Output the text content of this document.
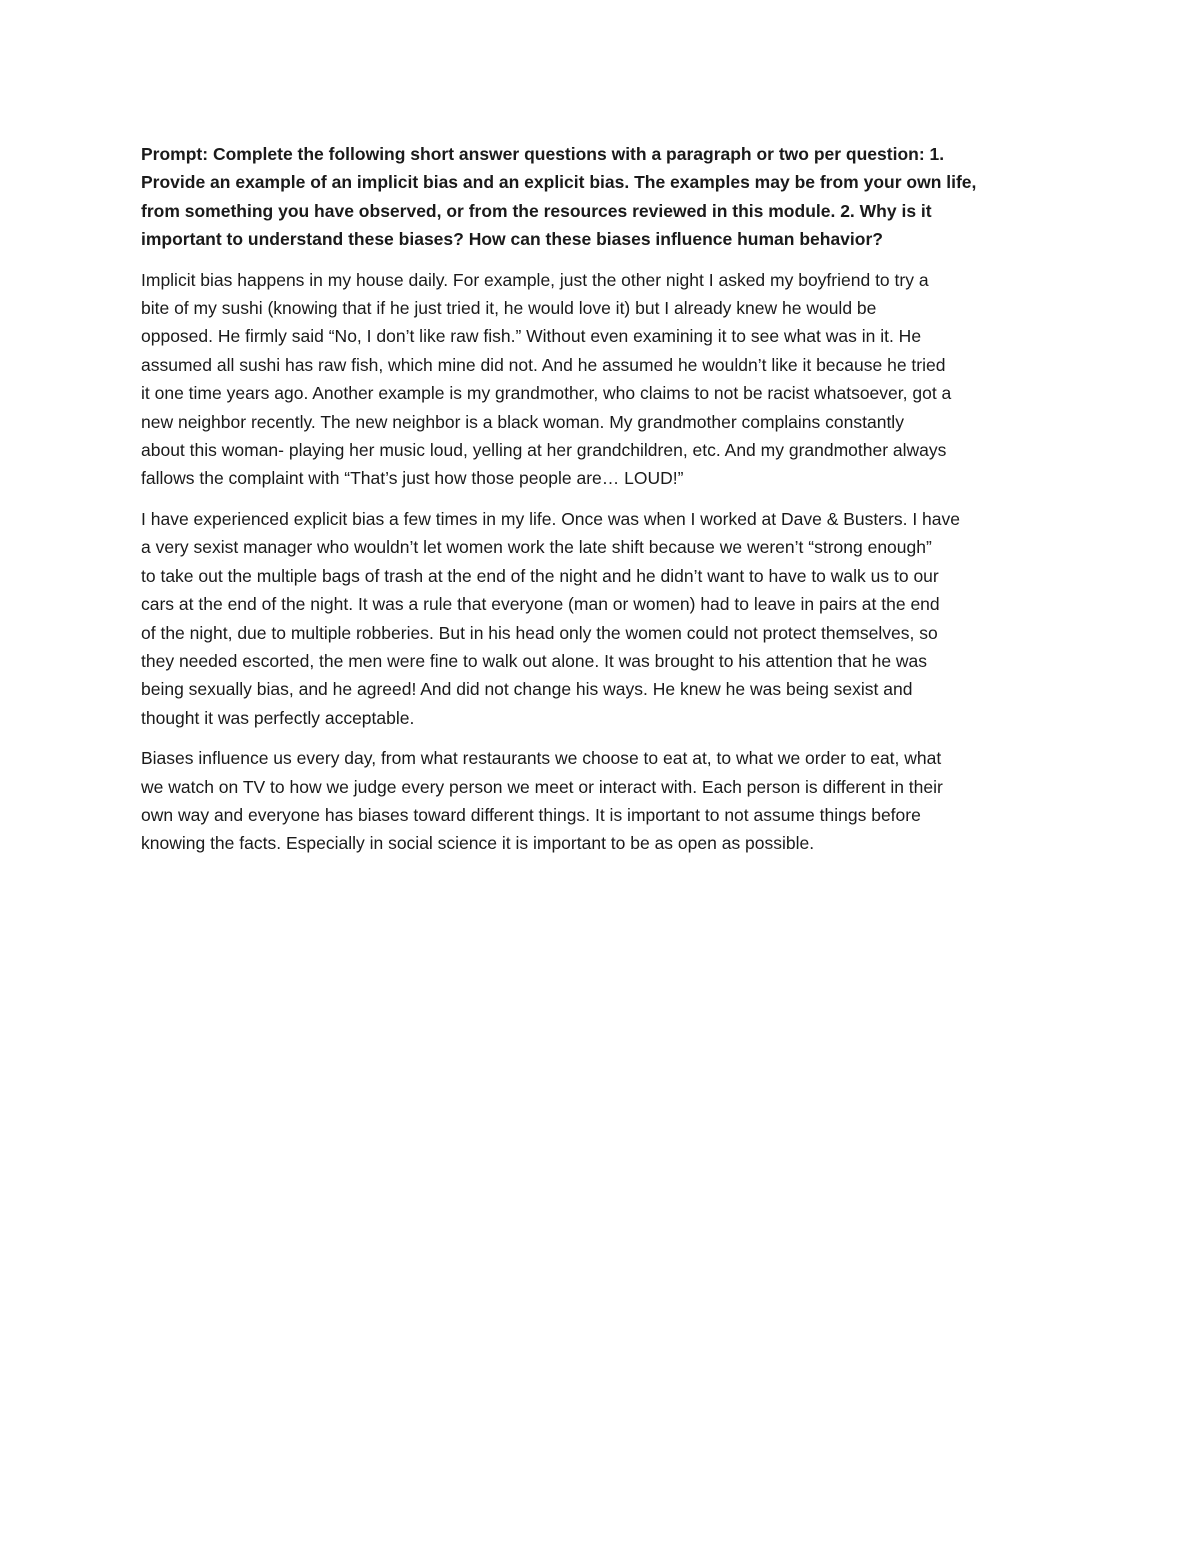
Prompt: Complete the following short answer questions with a paragraph or two per question: 1.
Provide an example of an implicit bias and an explicit bias. The examples may be from your own life,
from something you have observed, or from the resources reviewed in this module. 2. Why is it
important to understand these biases? How can these biases influence human behavior?
Implicit bias happens in my house daily. For example, just the other night I asked my boyfriend to try a
bite of my sushi (knowing that if he just tried it, he would love it) but I already knew he would be
opposed. He firmly said “No, I don’t like raw fish.” Without even examining it to see what was in it. He
assumed all sushi has raw fish, which mine did not. And he assumed he wouldn’t like it because he tried
it one time years ago. Another example is my grandmother, who claims to not be racist whatsoever, got a
new neighbor recently. The new neighbor is a black woman. My grandmother complains constantly
about this woman- playing her music loud, yelling at her grandchildren, etc. And my grandmother always
fallows the complaint with “That’s just how those people are… LOUD!”
I have experienced explicit bias a few times in my life. Once was when I worked at Dave & Busters. I have
a very sexist manager who wouldn’t let women work the late shift because we weren’t “strong enough”
to take out the multiple bags of trash at the end of the night and he didn’t want to have to walk us to our
cars at the end of the night. It was a rule that everyone (man or women) had to leave in pairs at the end
of the night, due to multiple robberies. But in his head only the women could not protect themselves, so
they needed escorted, the men were fine to walk out alone. It was brought to his attention that he was
being sexually bias, and he agreed! And did not change his ways. He knew he was being sexist and
thought it was perfectly acceptable.
Biases influence us every day, from what restaurants we choose to eat at, to what we order to eat, what
we watch on TV to how we judge every person we meet or interact with. Each person is different in their
own way and everyone has biases toward different things. It is important to not assume things before
knowing the facts. Especially in social science it is important to be as open as possible.
